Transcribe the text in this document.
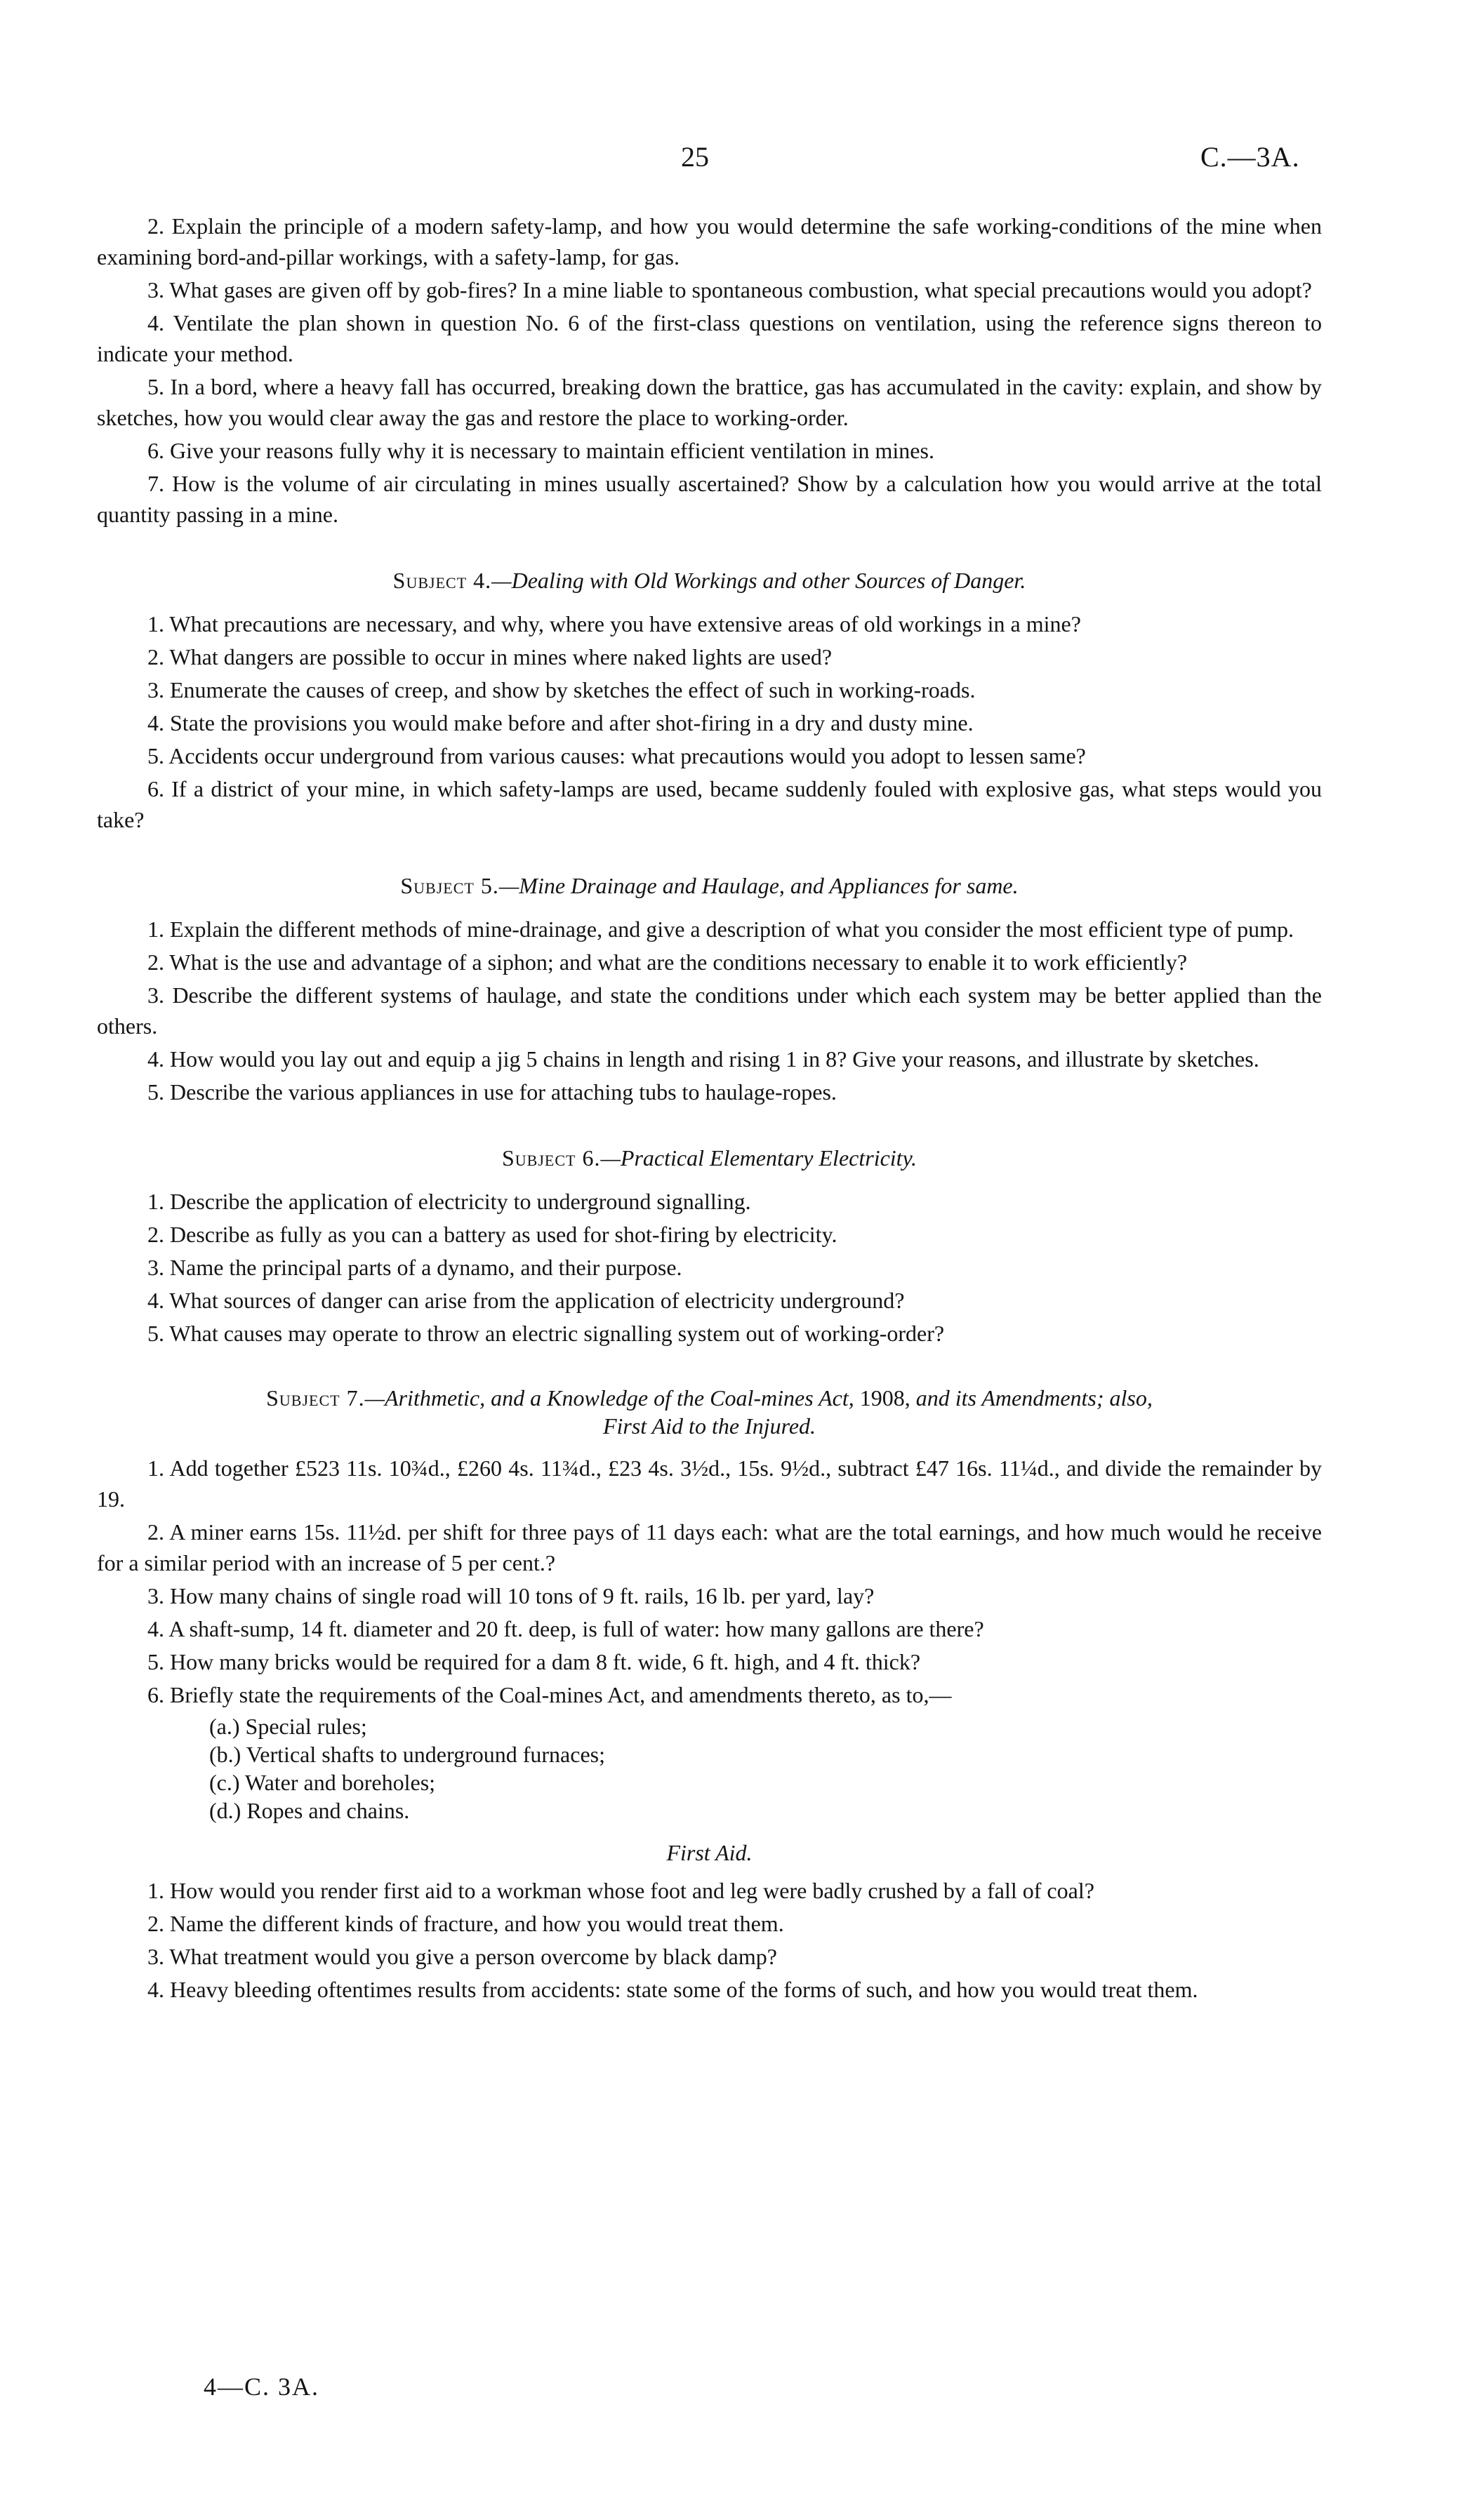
25	C.—3A.

2. Explain the principle of a modern safety-lamp, and how you would determine the safe working-conditions of the mine when examining bord-and-pillar workings, with a safety-lamp, for gas.

3. What gases are given off by gob-fires? In a mine liable to spontaneous combustion, what special precautions would you adopt?

4. Ventilate the plan shown in question No. 6 of the first-class questions on ventilation, using the reference signs thereon to indicate your method.

5. In a bord, where a heavy fall has occurred, breaking down the brattice, gas has accumulated in the cavity: explain, and show by sketches, how you would clear away the gas and restore the place to working-order.

6. Give your reasons fully why it is necessary to maintain efficient ventilation in mines.

7. How is the volume of air circulating in mines usually ascertained? Show by a calculation how you would arrive at the total quantity passing in a mine.

Subject 4.—Dealing with Old Workings and other Sources of Danger.

1. What precautions are necessary, and why, where you have extensive areas of old workings in a mine?

2. What dangers are possible to occur in mines where naked lights are used?

3. Enumerate the causes of creep, and show by sketches the effect of such in working-roads.

4. State the provisions you would make before and after shot-firing in a dry and dusty mine.

5. Accidents occur underground from various causes: what precautions would you adopt to lessen same?

6. If a district of your mine, in which safety-lamps are used, became suddenly fouled with explosive gas, what steps would you take?

Subject 5.—Mine Drainage and Haulage, and Appliances for same.

1. Explain the different methods of mine-drainage, and give a description of what you consider the most efficient type of pump.

2. What is the use and advantage of a siphon; and what are the conditions necessary to enable it to work efficiently?

3. Describe the different systems of haulage, and state the conditions under which each system may be better applied than the others.

4. How would you lay out and equip a jig 5 chains in length and rising 1 in 8? Give your reasons, and illustrate by sketches.

5. Describe the various appliances in use for attaching tubs to haulage-ropes.

Subject 6.—Practical Elementary Electricity.

1. Describe the application of electricity to underground signalling.

2. Describe as fully as you can a battery as used for shot-firing by electricity.

3. Name the principal parts of a dynamo, and their purpose.

4. What sources of danger can arise from the application of electricity underground?

5. What causes may operate to throw an electric signalling system out of working-order?

Subject 7.—Arithmetic, and a Knowledge of the Coal-mines Act, 1908, and its Amendments; also,
First Aid to the Injured.

1. Add together £523 11s. 10¾d., £260 4s. 11¾d., £23 4s. 3½d., 15s. 9½d., subtract £47 16s. 11¼d., and divide the remainder by 19.

2. A miner earns 15s. 11½d. per shift for three pays of 11 days each: what are the total earnings, and how much would he receive for a similar period with an increase of 5 per cent.?

3. How many chains of single road will 10 tons of 9 ft. rails, 16 lb. per yard, lay?

4. A shaft-sump, 14 ft. diameter and 20 ft. deep, is full of water: how many gallons are there?

5. How many bricks would be required for a dam 8 ft. wide, 6 ft. high, and 4 ft. thick?

6. Briefly state the requirements of the Coal-mines Act, and amendments thereto, as to,—

(a.) Special rules;
(b.) Vertical shafts to underground furnaces;
(c.) Water and boreholes;
(d.) Ropes and chains.
First Aid.

1. How would you render first aid to a workman whose foot and leg were badly crushed by a fall of coal?

2. Name the different kinds of fracture, and how you would treat them.

3. What treatment would you give a person overcome by black damp?

4. Heavy bleeding oftentimes results from accidents: state some of the forms of such, and how you would treat them.

4—C. 3A.
